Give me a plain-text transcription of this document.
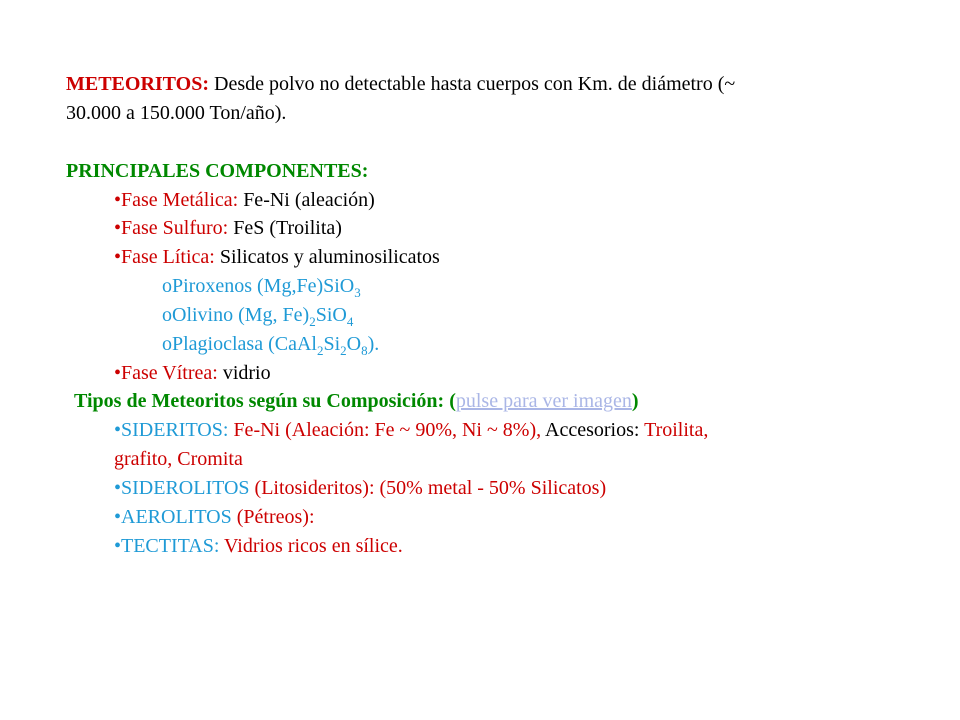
METEORITOS: Desde polvo no detectable hasta cuerpos con Km. de diámetro (~
30.000 a 150.000 Ton/año).
PRINCIPALES COMPONENTES:
•Fase Metálica: Fe-Ni (aleación)
•Fase Sulfuro: FeS (Troilita)
•Fase Lítica: Silicatos y aluminosilicatos
oPiroxenos (Mg,Fe)SiO$_3$
oOlivino (Mg, $Fe)_2SiO_4$
oPlagioclasa $(CaAl_2Si_2O_8)$.
•Fase Vítrea: vidrio
Tipos de Meteoritos según su Composición: (pulse para ver imagen)
•SIDERITOS: Fe-Ni (Aleación: Fe ~ 90%, Ni ~ 8%), Accesorios: Troilita,
grafito, Cromita
•SIDEROLITOS (Litosideritos): (50% metal - 50% Silicatos)
•AEROLITOS (Pétreos):
•TECTITAS: Vidrios ricos en sílice.
